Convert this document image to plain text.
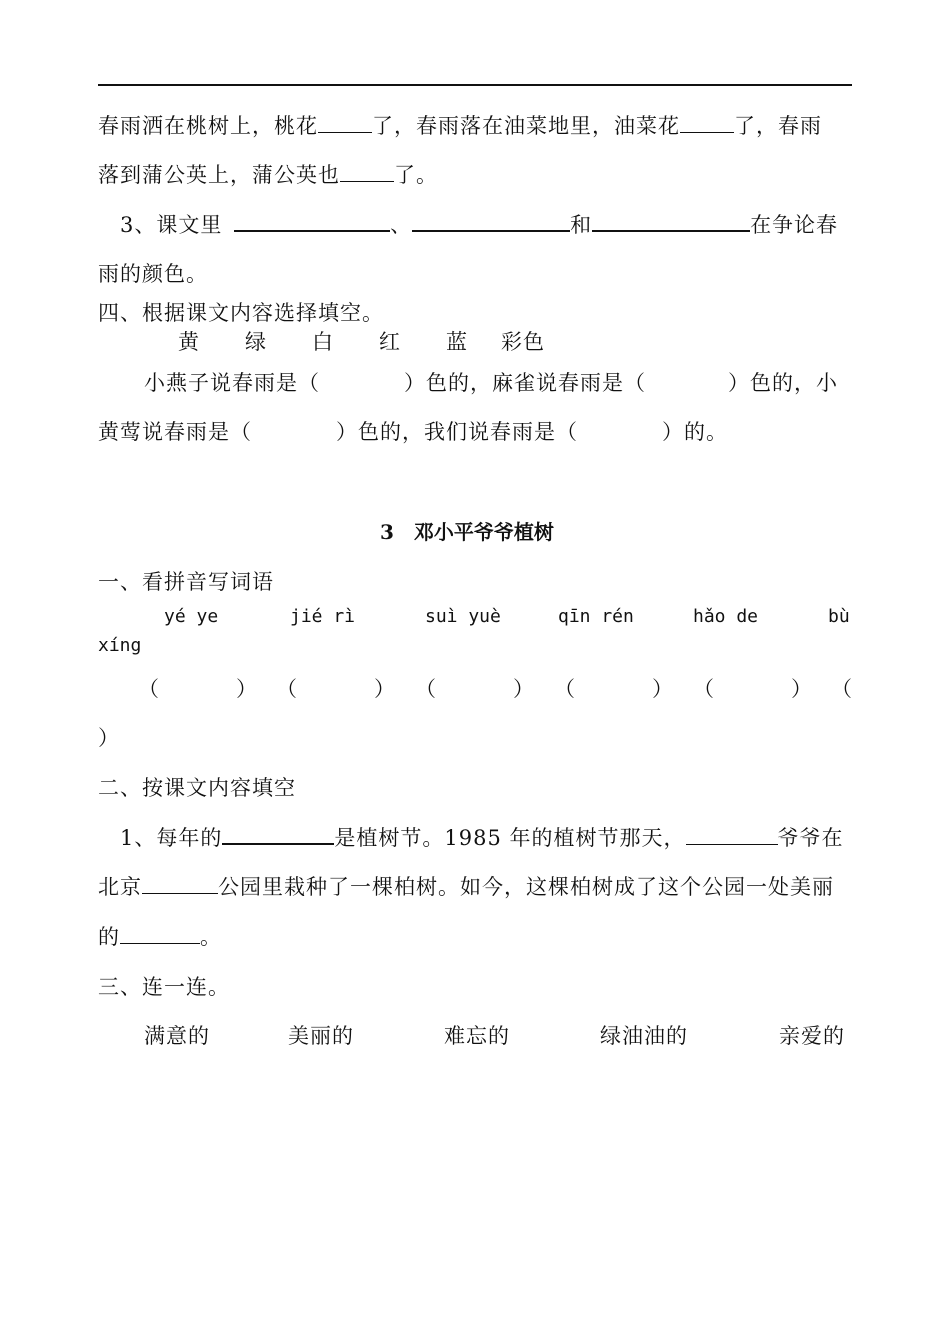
春雨洒在桃树上，桃花	了，春雨落在油菜地里，油菜花	了，春雨
落到蒲公英上，蒲公英也	了。
3、课文里	、	和	在争论春
雨的颜色。
四、根据课文内容选择填空。
黄 绿 白 红 蓝 彩色
小燕子说春雨是（	）色的，麻雀说春雨是（	）色的，小
黄莺说春雨是（	）色的，我们说春雨是（	）的。
3　邓小平爷爷植树
一、看拼音写词语
yé ye	jié rì	suì yuè	qīn rén	hǎo de	bù
xíng
（	） （	） （	） （	） （	） （
）
二、按课文内容填空
1、每年的	是植树节。1985 年的植树节那天，	爷爷在
北京	公园里栽种了一棵柏树。如今，这棵柏树成了这个公园一处美丽
的	。
三、连一连。
满意的	美丽的	难忘的	绿油油的	亲爱的
